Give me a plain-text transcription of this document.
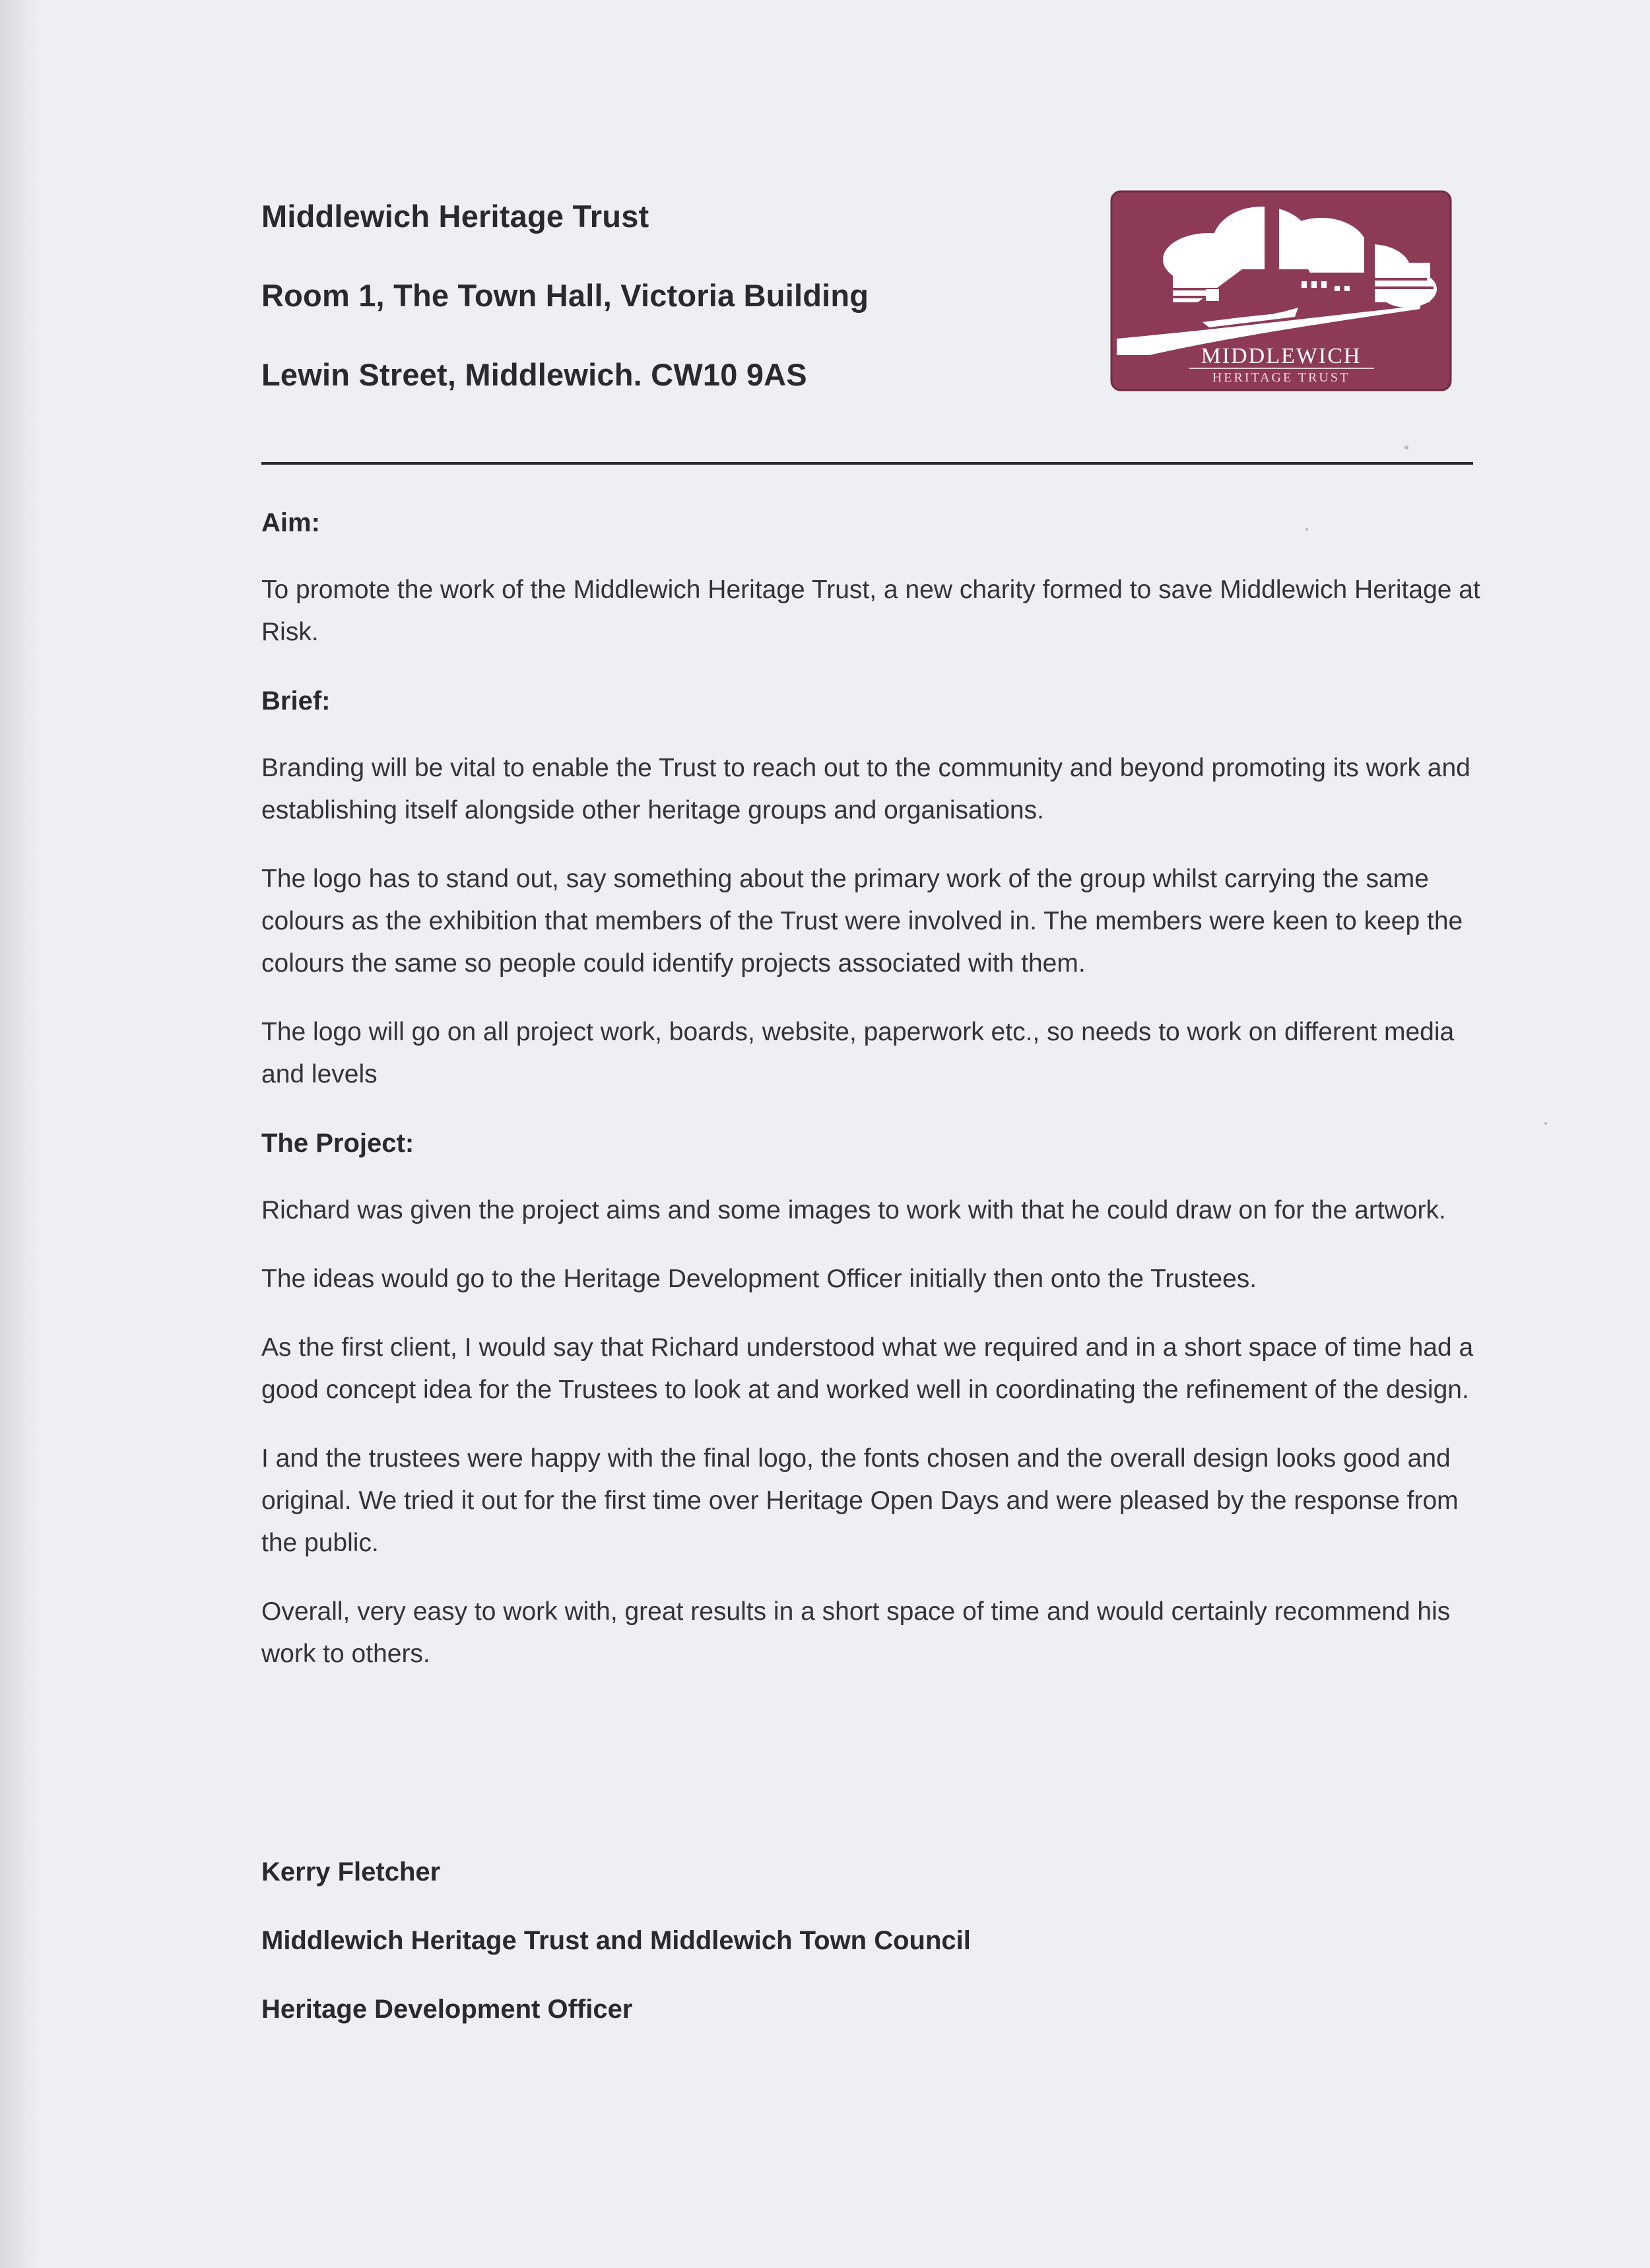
Middlewich Heritage Trust
Room 1, The Town Hall, Victoria Building
Lewin Street, Middlewich. CW10 9AS
MIDDLEWICH
HERITAGE TRUST
Aim:

To promote the work of the Middlewich Heritage Trust, a new charity formed to save Middlewich Heritage at Risk.

Brief:

Branding will be vital to enable the Trust to reach out to the community and beyond promoting its work and establishing itself alongside other heritage groups and organisations.

The logo has to stand out, say something about the primary work of the group whilst carrying the same colours as the exhibition that members of the Trust were involved in. The members were keen to keep the colours the same so people could identify projects associated with them.

The logo will go on all project work, boards, website, paperwork etc., so needs to work on different media and levels

The Project:

Richard was given the project aims and some images to work with that he could draw on for the artwork.

The ideas would go to the Heritage Development Officer initially then onto the Trustees.

As the first client, I would say that Richard understood what we required and in a short space of time had a good concept idea for the Trustees to look at and worked well in coordinating the refinement of the design.

I and the trustees were happy with the final logo, the fonts chosen and the overall design looks good and original. We tried it out for the first time over Heritage Open Days and were pleased by the response from the public.

Overall, very easy to work with, great results in a short space of time and would certainly recommend his work to others.

Kerry Fletcher
Middlewich Heritage Trust and Middlewich Town Council
Heritage Development Officer
